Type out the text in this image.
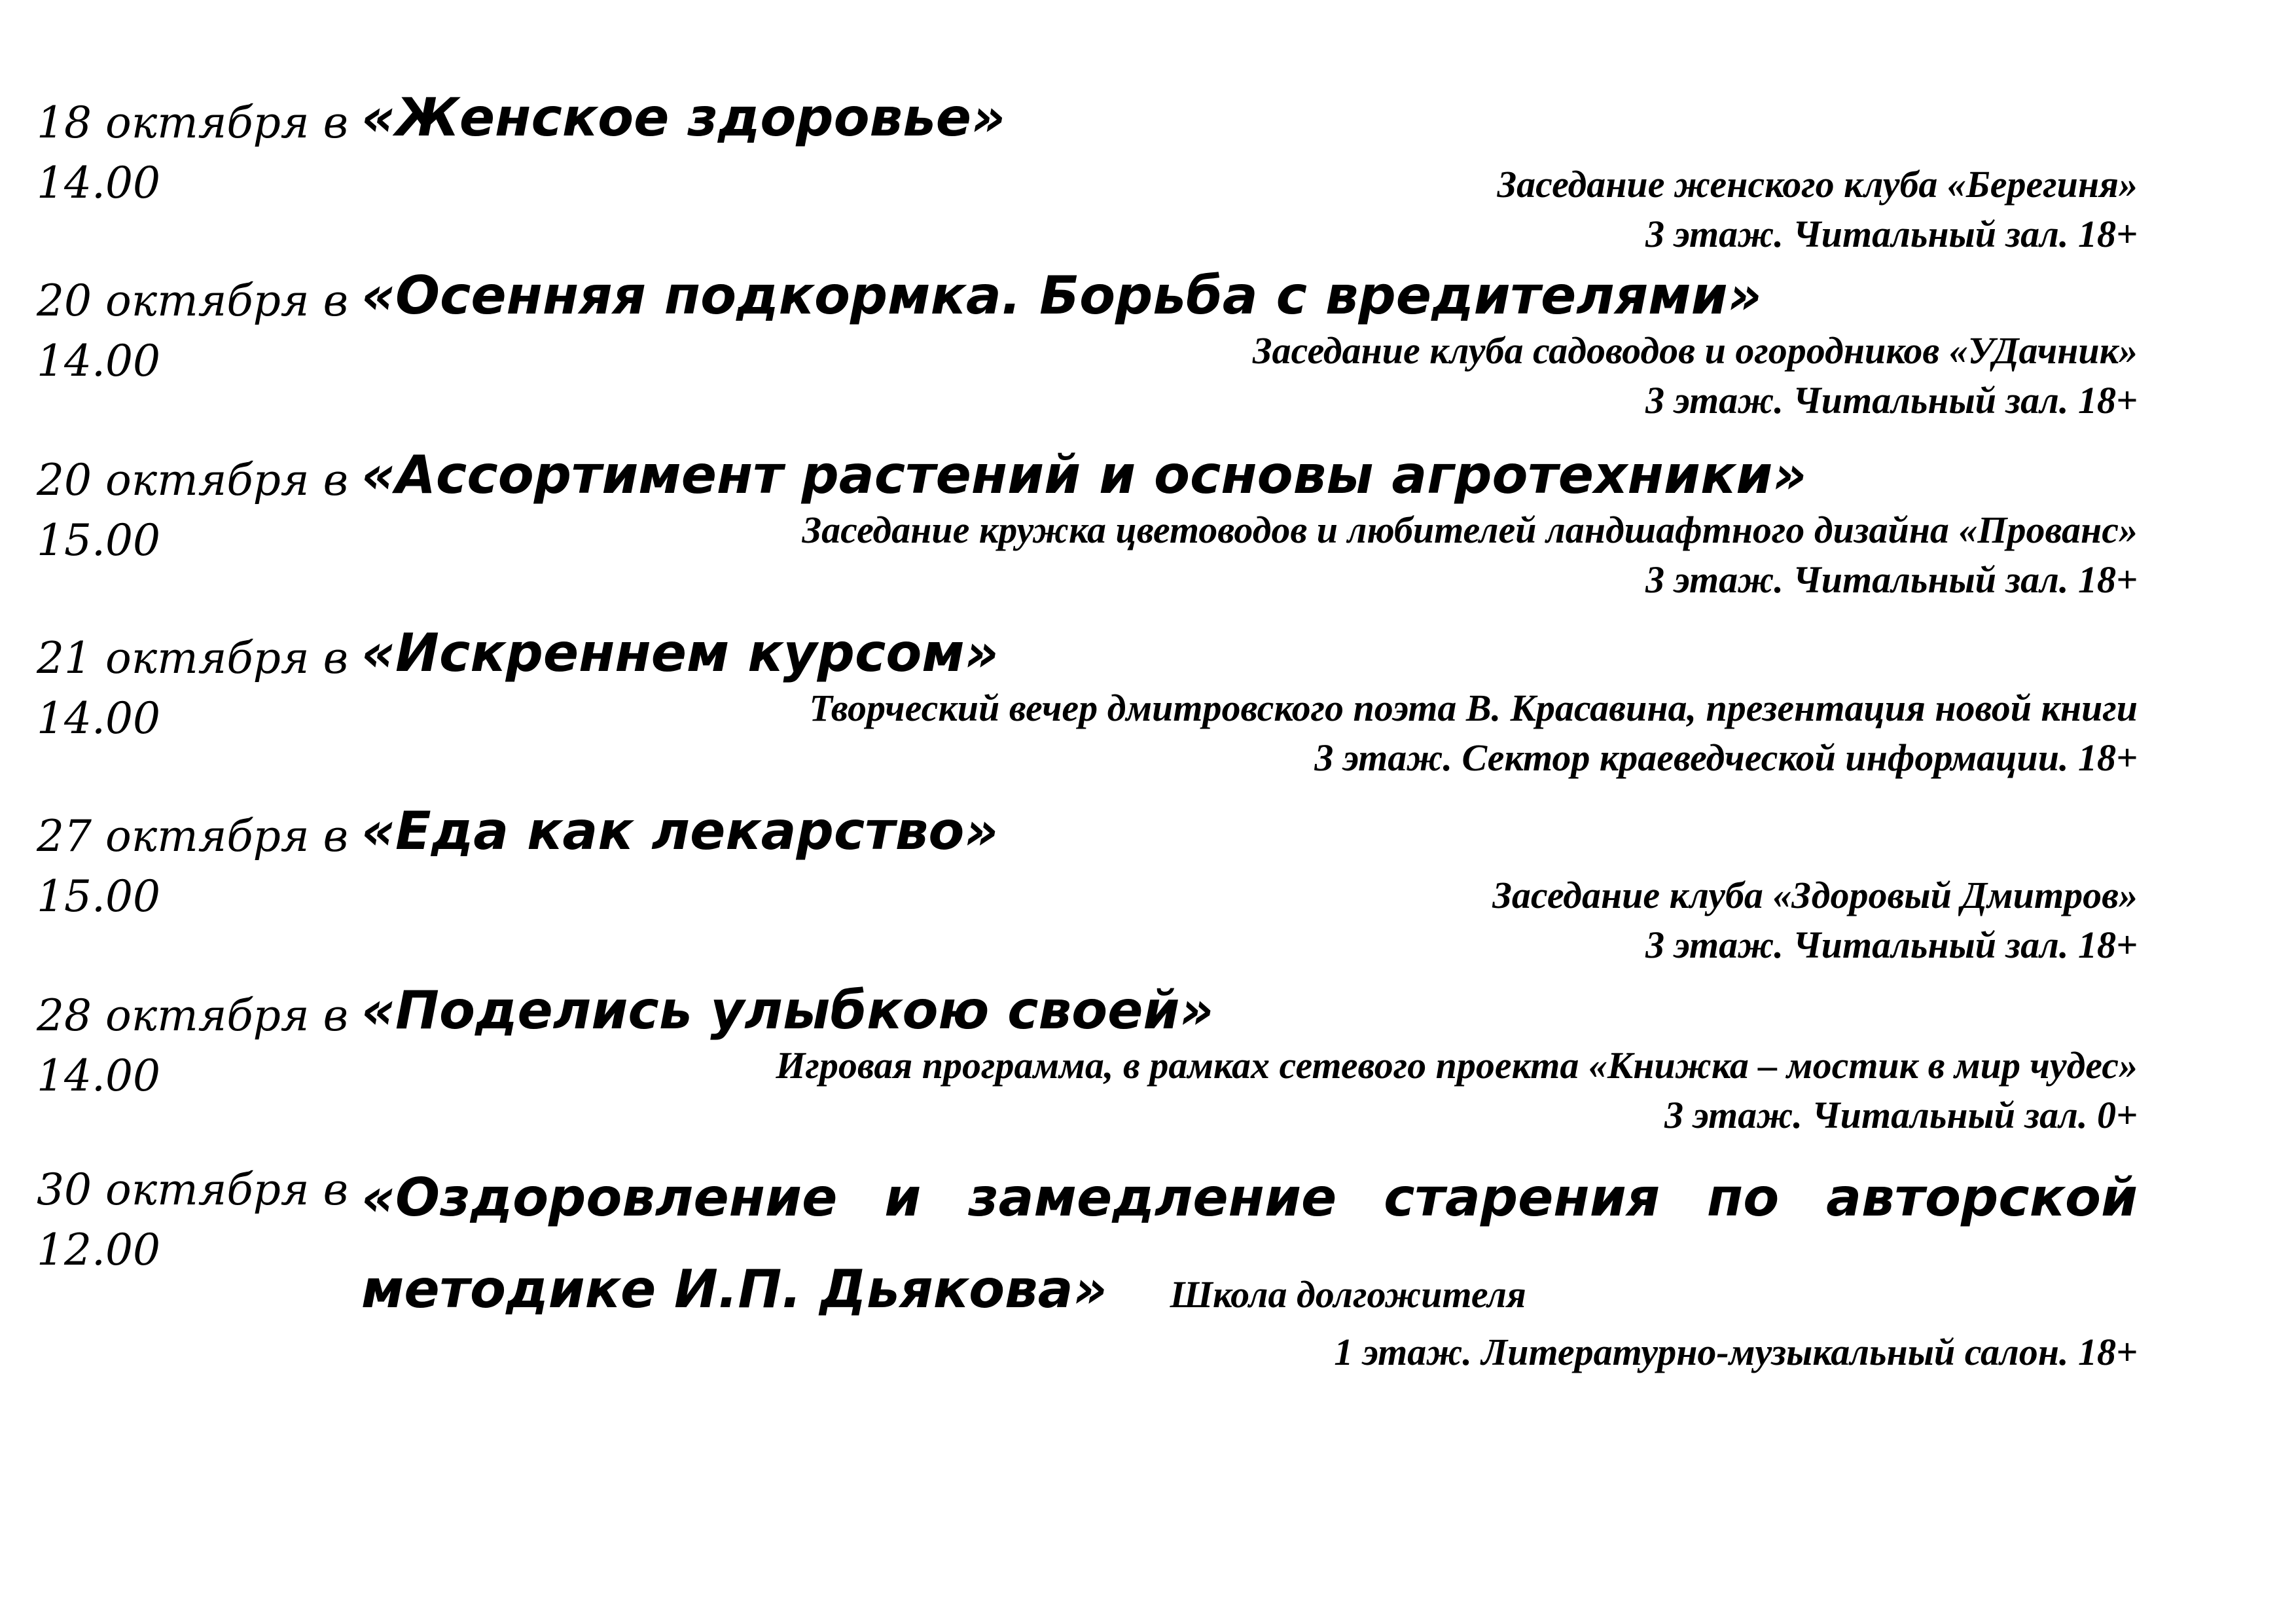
18 октября в
14.00
«Женское здоровье»
Заседание женского клуба «Берегиня»
3 этаж. Читальный зал. 18+
20 октября в
14.00
«Осенняя подкормка. Борьба с вредителями»
Заседание клуба садоводов и огородников «УДачник»
3 этаж. Читальный зал. 18+
20 октября в
15.00
«Ассортимент растений и основы агротехники»
Заседание кружка цветоводов и любителей ландшафтного дизайна «Прованс»
3 этаж. Читальный зал. 18+
21 октября в
14.00
«Искреннем курсом»
Творческий вечер дмитровского поэта В. Красавина, презентация новой книги
3 этаж. Сектор краеведческой информации. 18+
27 октября в
15.00
«Еда как лекарство»
Заседание клуба «Здоровый Дмитров»
3 этаж. Читальный зал. 18+
28 октября в
14.00
«Поделись улыбкою своей»
Игровая программа, в рамках сетевого проекта «Книжка – мостик в мир чудес»
3 этаж. Читальный зал. 0+
30 октября в
12.00
«Оздоровление и замедление старения по авторской
методике И.П. Дьякова» Школа долгожителя
1 этаж. Литературно-музыкальный салон. 18+
